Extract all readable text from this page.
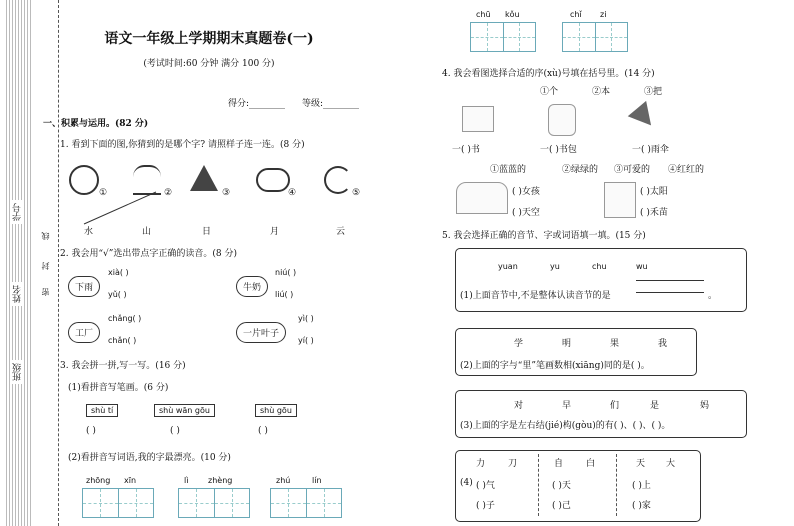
学号
姓名
班级
线
封
密
语文一年级上学期期末真题卷(一)
(考试时间:60 分钟 满分 100 分)
得分:________ 等级:________
一、积累与运用。(82 分)
1. 看到下面的图,你猜到的是哪个字? 请照样子连一连。(8 分)
①	②	③	④	⑤
水	山	日	月	云
2. 我会用“√”选出带点字正确的读音。(8 分)
下雨
xià( )
yǔ( )
牛奶
niú( )
liú( )
工厂
chǎng( )
chǎn( )
一片叶子
yì( )
yí( )
3. 我会拼一拼,写一写。(16 分)
(1)看拼音写笔画。(6 分)
shù tí	shù wān gōu	shù gōu
( )	( )	( )
(2)看拼音写词语,我的字最漂亮。(10 分)
zhōng xīn	lì zhèng	zhú	lín
chū kǒu	chǐ zi
4. 我会看图选择合适的序(xù)号填在括号里。(14 分)
①个	②本	③把
一( )书	一( )书包	一( )雨伞
①蓝蓝的	②绿绿的 ③可爱的 ④红红的
( )女孩
( )天空
( )太阳
( )禾苗
5. 我会选择正确的音节、字或词语填一填。(15 分)
yuan	yu	chu	wu
(1)上面音节中,不是整体认读音节的是	。
学	明	果	我
(2)上面的字与“里”笔画数相(xiāng)同的是( )。
对	早	们	是	妈
(3)上面的字是左右结(jié)构(gòu)的有( )、( )、( )。
力	刀	自	白	天 大
(4) ( )气	( )天	( )上
( )子	( )己	( )家
